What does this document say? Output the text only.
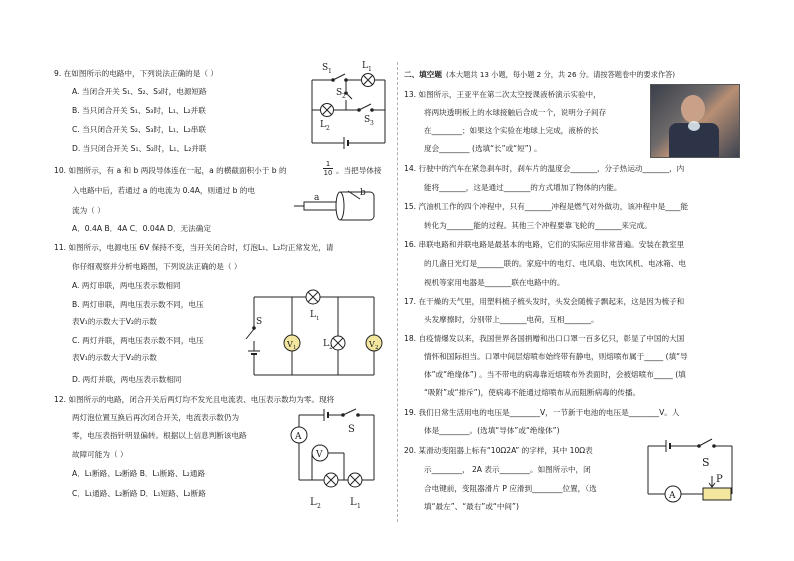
9. 在如图所示的电路中，下列说法正确的是（ ）
A. 当闭合开关 S₁、S₂、S₃时，电源短路
B. 当只闭合开关 S₁、S₃时，L₁、L₂并联
C. 当只闭合开关 S₂、S₃时，L₁、L₂串联
D. 当只闭合开关 S₁、S₂时，L₁、L₂并联
S	L
L
S
S
1	1
2
2
3
10. 如图所示，有 a 和 b 两段导体连在一起，a 的横截面积小于 b 的	$\frac{1}{10}$ 。当把导体接
入电路中后，若通过 a 的电流为 0.4A，则通过 b 的电
流为（ ）
A．0.4A B．4A C．0.04A D．无法确定
a	b
11. 如图所示，电源电压 6V 保持不变，当开关闭合时，灯泡L₁、L₂均正常发光，请
你仔细观察并分析电路图，下列说法正确的是（ ）
A. 两灯串联，两电压表示数相同
B. 两灯串联，两电压表示数不同，电压
表V₁的示数大于V₂的示数
C. 两灯并联，两电压表示数不同，电压
表V₁的示数大于V₂的示数
D. 两灯并联，两电压表示数相同
S
L
L
V	V
1
2
1	2
12. 如图所示的电路，闭合开关后两灯均不发光且电流表、电压表示数均为零。现将
两灯泡位置互换后再次闭合开关，电流表示数仍为
零，电压表指针明显偏转。根据以上信息判断该电路
故障可能为（ ）
A．L₁断路、L₂断路 B．L₁断路、L₂通路
C．L₁通路、L₂断路 D．L₁短路、L₂断路
A
V
S
L	L
2	1
二、填空题 (本大题共 13 小题，每小题 2 分，共 26 分。请按答题卷中的要求作答)
13. 如图所示，王亚平在第二次太空授课液桥演示实验中，
将两块透明板上的水球接触后合成一个，说明分子间存
在________；如果这个实验在地球上完成，液桥的长
度会________ (选填“长”或“短”) 。
14. 行驶中的汽车在紧急刹车时，刹车片的温度会_______，分子热运动_______，内
能将_______，这是通过_______的方式增加了物体的内能。
15. 汽油机工作的四个冲程中，只有_______冲程是燃气对外做功，该冲程中是____能
转化为_______能的过程。其他三个冲程要靠飞轮的_______来完成。
16. 串联电路和并联电路是最基本的电路，它们的实际应用非常普遍。安装在教室里
的几盏日光灯是_______联的。家庭中的电灯、电风扇、电饮风机、电冰箱、电
视机等家用电器是_______联在电路中的。
17. 在干燥的天气里，用塑料梳子梳头发时，头发会随梳子飘起来，这是因为梳子和
头发摩擦时，分别带上_______电荷，互相_______。
18. 自疫情爆发以来，我国世界各国捐赠和出口口罩一百多亿只，彰显了中国的大国
情怀和国际担当。口罩中间层熔喷布始终带有静电，则熔喷布属于_____ (填“导
体”或“绝缘体”) 。当不带电的病毒靠近熔喷布外表面时，会被熔喷布_____ (填
“吸附”或“排斥”)，使病毒不能通过熔喷布从而阻断病毒的传播。
19. 我们日常生活用电的电压是________V，一节新干电池的电压是________V。人
体是________。(选填“导体”或“绝缘体”)
20. 某滑动变阻器上标有“10Ω2A” 的字样，其中 10Ω表
示________， 2A 表示________。如图所示中，闭
合电键前，变阻器滑片 P 应滑到________位置，（选
填“最左”、“最右”或“中间”)
A
S
P
